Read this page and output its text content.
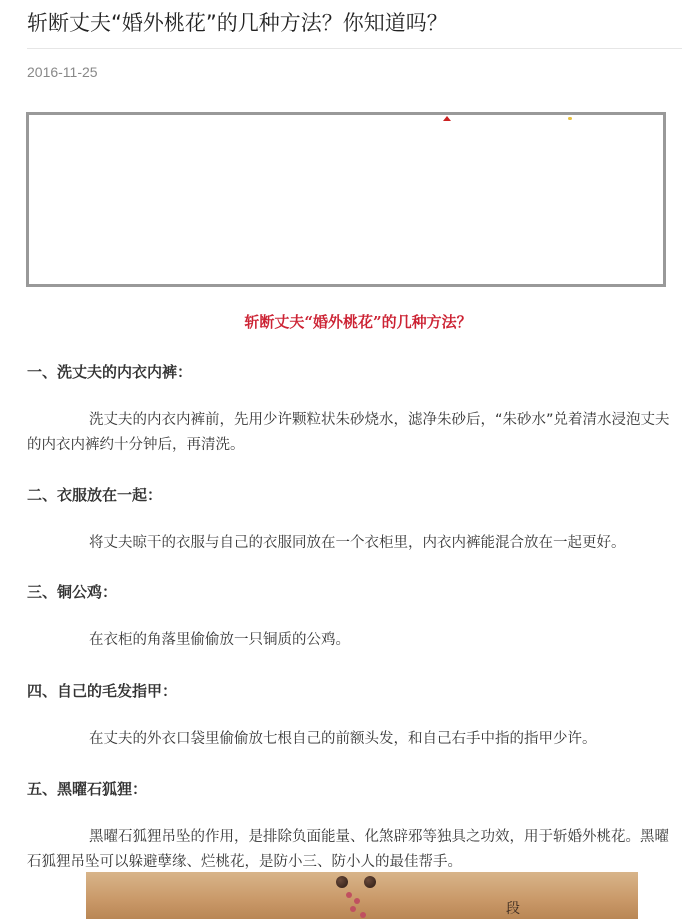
斩断丈夫“婚外桃花”的几种方法？你知道吗？
2016-11-25
斩断丈夫“婚外桃花”的几种方法？
一、洗丈夫的内衣内裤：
洗丈夫的内衣内裤前，先用少许颗粒状朱砂烧水，滤净朱砂后，“朱砂水”兑着清水浸泡丈夫的内衣内裤约十分钟后，再清洗。
二、衣服放在一起：
将丈夫晾干的衣服与自己的衣服同放在一个衣柜里，内衣内裤能混合放在一起更好。
三、铜公鸡：
在衣柜的角落里偷偷放一只铜质的公鸡。
四、自己的毛发指甲：
在丈夫的外衣口袋里偷偷放七根自己的前额头发，和自己右手中指的指甲少许。
五、黑曜石狐狸：
黑曜石狐狸吊坠的作用，是排除负面能量、化煞辟邪等独具之功效，用于斩婚外桃花。黑曜石狐狸吊坠可以躲避孽缘、烂桃花，是防小三、防小人的最佳帮手。
段
